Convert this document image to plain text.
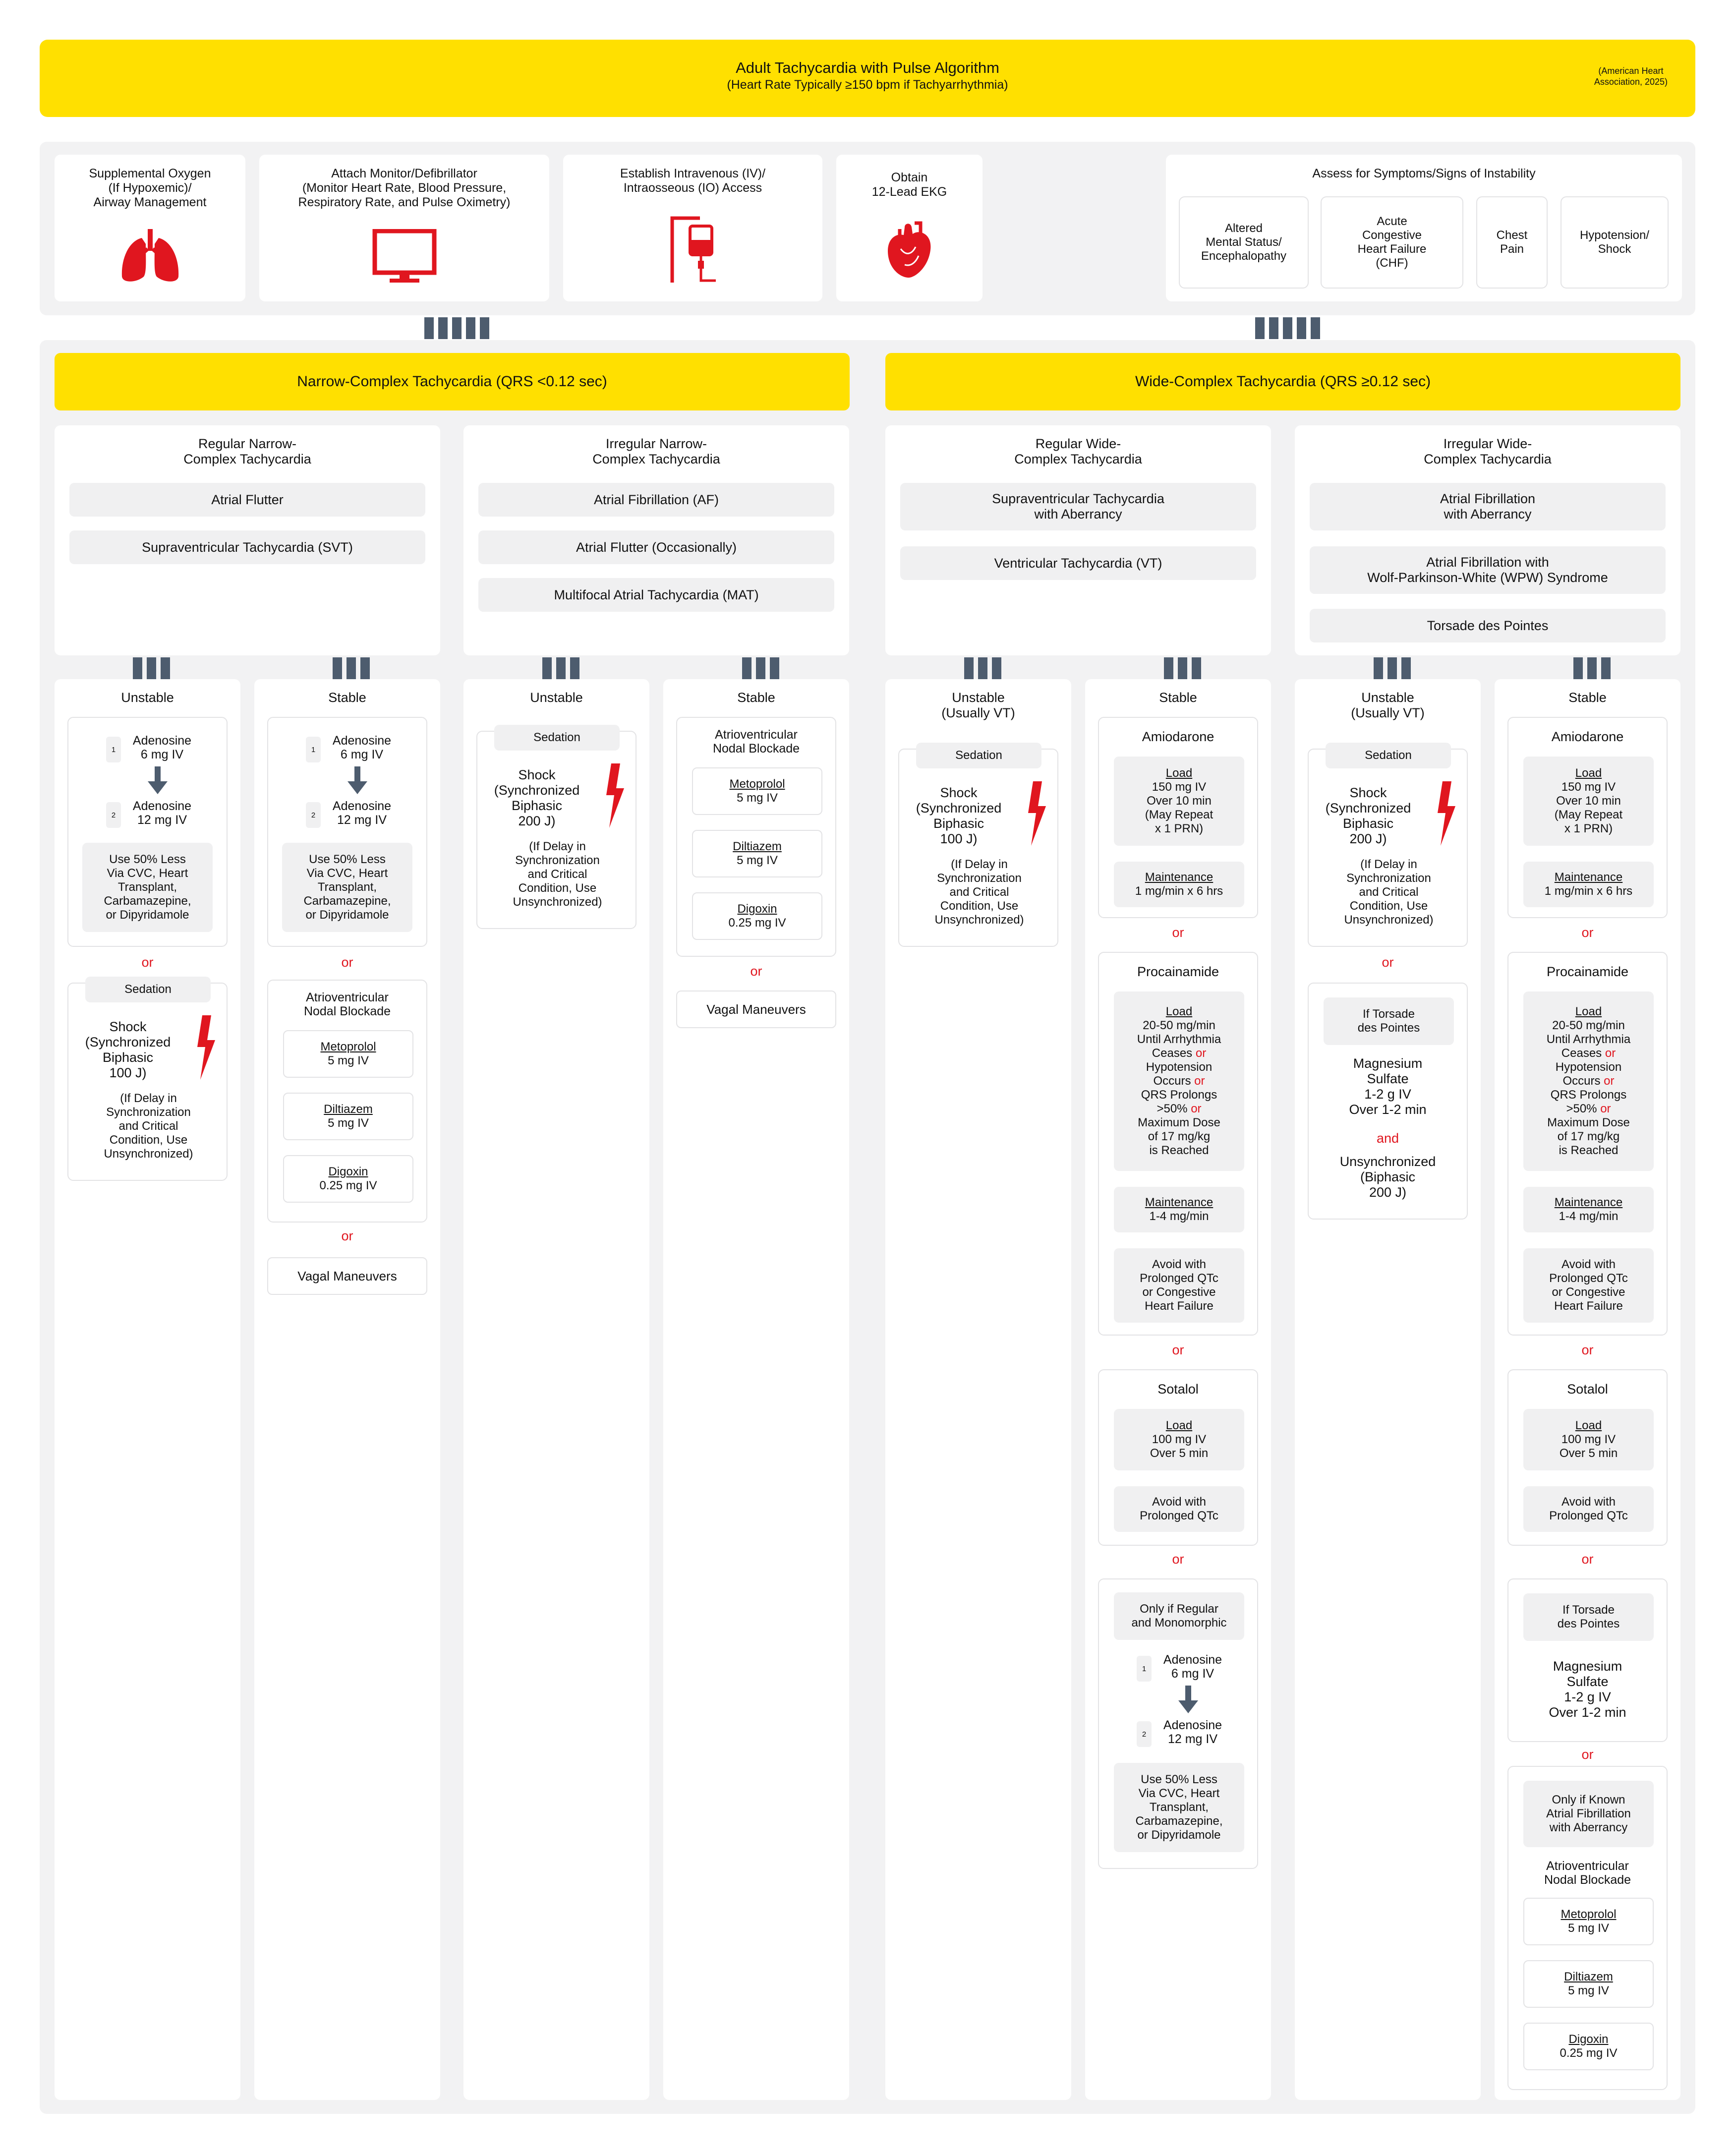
Adult Tachycardia with Pulse Algorithm
(Heart Rate Typically ≥150 bpm if Tachyarrhythmia)
(American Heart
Association, 2025)
Supplemental Oxygen
(If Hypoxemic)/
Airway Management
Attach Monitor/Defibrillator
(Monitor Heart Rate, Blood Pressure,
Respiratory Rate, and Pulse Oximetry)
Establish Intravenous (IV)/
Intraosseous (IO) Access
Obtain
12-Lead EKG
Assess for Symptoms/Signs of Instability
Altered
Mental Status/
Encephalopathy
Acute
Congestive
Heart Failure
(CHF)
Chest
Pain
Hypotension/
Shock
Narrow-Complex Tachycardia (QRS <0.12 sec)	Wide-Complex Tachycardia (QRS ≥0.12 sec)
Regular Narrow-
Complex Tachycardia
Atrial Flutter
Supraventricular Tachycardia (SVT)
Irregular Narrow-
Complex Tachycardia
Atrial Fibrillation (AF)
Atrial Flutter (Occasionally)
Multifocal Atrial Tachycardia (MAT)
Regular Wide-
Complex Tachycardia
Supraventricular Tachycardia
with Aberrancy
Ventricular Tachycardia (VT)
Irregular Wide-
Complex Tachycardia
Atrial Fibrillation
with Aberrancy
Atrial Fibrillation with
Wolf-Parkinson-White (WPW) Syndrome
Torsade des Pointes
Unstable
1
Adenosine
6 mg IV
2
Adenosine
12 mg IV
Use 50% Less
Via CVC, Heart
Transplant,
Carbamazepine,
or Dipyridamole
or
Sedation
Shock
(Synchronized
Biphasic
100 J)
(If Delay in
Synchronization
and Critical
Condition, Use
Unsynchronized)
Stable
1
Adenosine
6 mg IV
2
Adenosine
12 mg IV
Use 50% Less
Via CVC, Heart
Transplant,
Carbamazepine,
or Dipyridamole
or
Atrioventricular
Nodal Blockade
Metoprolol
5 mg IV
Diltiazem
5 mg IV
Digoxin
0.25 mg IV
or
Vagal Maneuvers
Unstable
Sedation
Shock
(Synchronized
Biphasic
200 J)
(If Delay in
Synchronization
and Critical
Condition, Use
Unsynchronized)
Stable
Atrioventricular
Nodal Blockade
Metoprolol
5 mg IV
Diltiazem
5 mg IV
Digoxin
0.25 mg IV
or
Vagal Maneuvers
Unstable
(Usually VT)
Sedation
Shock
(Synchronized
Biphasic
100 J)
(If Delay in
Synchronization
and Critical
Condition, Use
Unsynchronized)
Stable
Amiodarone
Load
150 mg IV
Over 10 min
(May Repeat
x 1 PRN)
Maintenance
1 mg/min x 6 hrs
or
Procainamide
Load
20-50 mg/min
Until Arrhythmia
Ceases or
Hypotension
Occurs or
QRS Prolongs
>50% or
Maximum Dose
of 17 mg/kg
is Reached
Maintenance
1-4 mg/min
Avoid with
Prolonged QTc
or Congestive
Heart Failure
or
Sotalol
Load
100 mg IV
Over 5 min
Avoid with
Prolonged QTc
or
Only if Regular
and Monomorphic
1
Adenosine
6 mg IV
2
Adenosine
12 mg IV
Use 50% Less
Via CVC, Heart
Transplant,
Carbamazepine,
or Dipyridamole
Unstable
(Usually VT)
Sedation
Shock
(Synchronized
Biphasic
200 J)
(If Delay in
Synchronization
and Critical
Condition, Use
Unsynchronized)
or
If Torsade
des Pointes
Magnesium
Sulfate
1-2 g IV
Over 1-2 min
and
Unsynchronized
(Biphasic
200 J)
Stable
Amiodarone
Load
150 mg IV
Over 10 min
(May Repeat
x 1 PRN)
Maintenance
1 mg/min x 6 hrs
or
Procainamide
Load
20-50 mg/min
Until Arrhythmia
Ceases or
Hypotension
Occurs or
QRS Prolongs
>50% or
Maximum Dose
of 17 mg/kg
is Reached
Maintenance
1-4 mg/min
Avoid with
Prolonged QTc
or Congestive
Heart Failure
or
Sotalol
Load
100 mg IV
Over 5 min
Avoid with
Prolonged QTc
or
If Torsade
des Pointes
Magnesium
Sulfate
1-2 g IV
Over 1-2 min
or
Only if Known
Atrial Fibrillation
with Aberrancy
Atrioventricular
Nodal Blockade
Metoprolol
5 mg IV
Diltiazem
5 mg IV
Digoxin
0.25 mg IV
